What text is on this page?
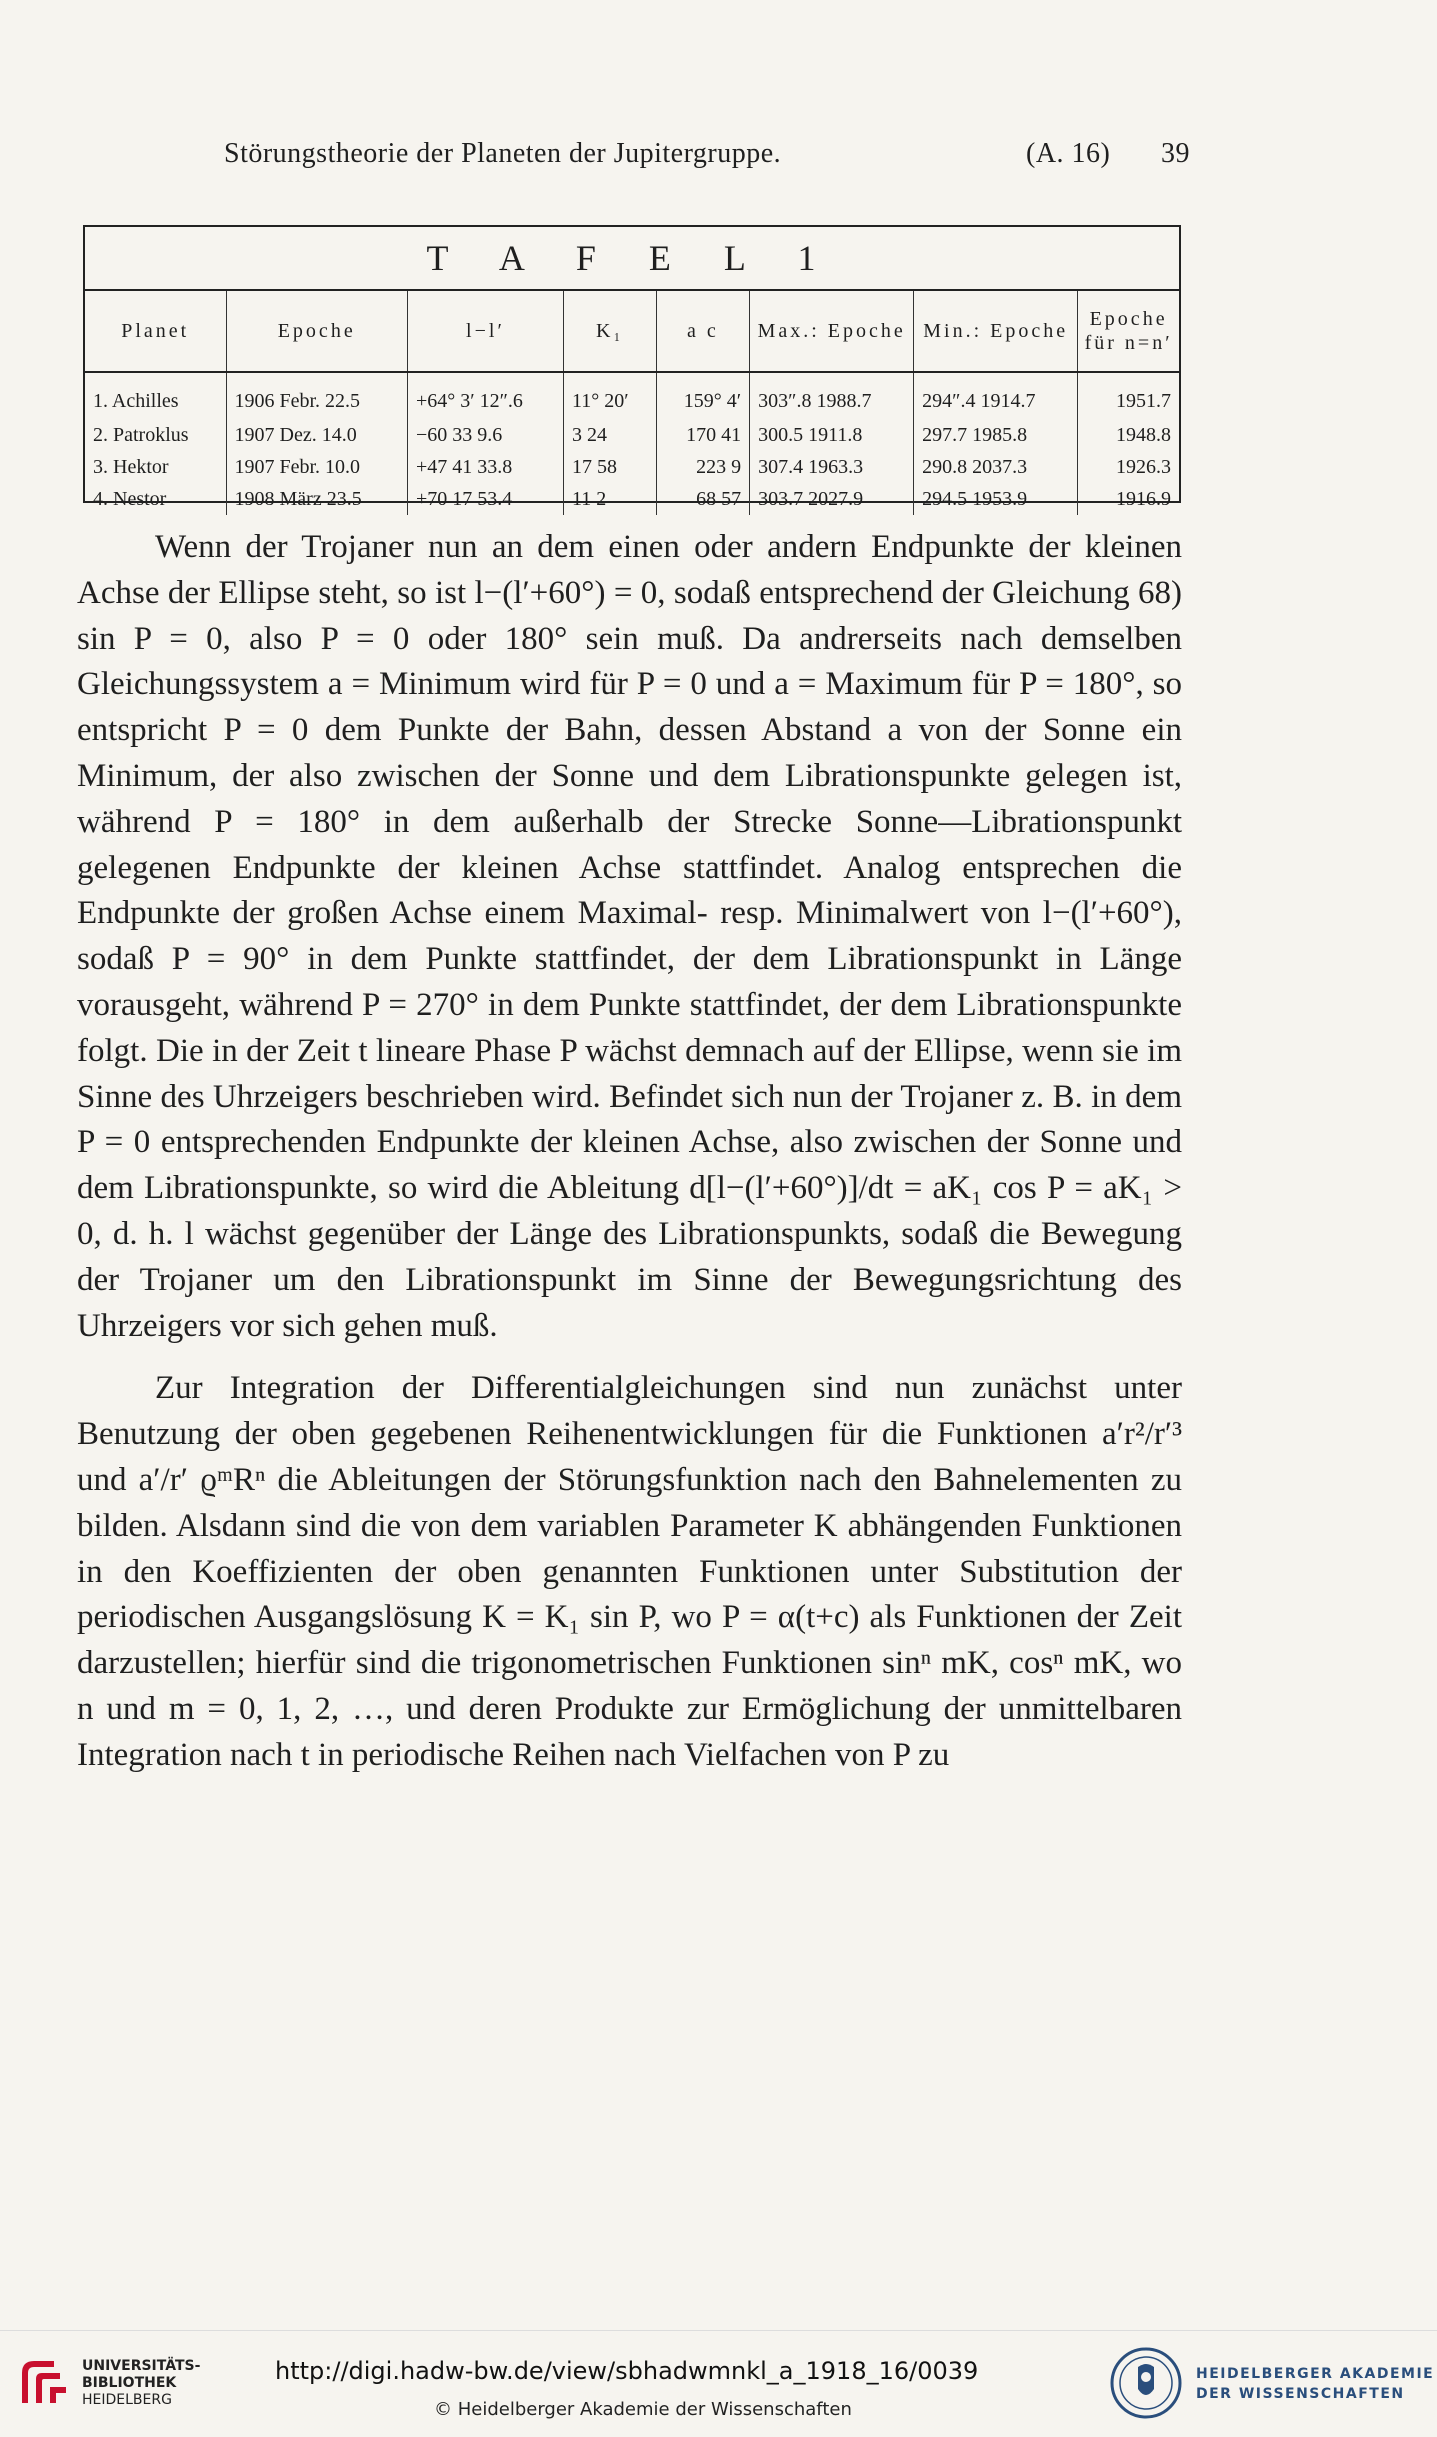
Störungstheorie der Planeten der Jupitergruppe.	(A. 16) 39
T A F E L 1
Planet	Epoche	l−l′	K₁	a c	Max.: Epoche	Min.: Epoche	Epoche für n=n′
1. Achilles	1906 Febr. 22.5	+64° 3′ 12″.6	11° 20′	159° 4′	303″.8 1988.7	294″.4 1914.7	1951.7
2. Patroklus	1907 Dez. 14.0	−60 33 9.6	3 24	170 41	300.5 1911.8	297.7 1985.8	1948.8
3. Hektor	1907 Febr. 10.0	+47 41 33.8	17 58	223 9	307.4 1963.3	290.8 2037.3	1926.3
4. Nestor	1908 März 23.5	+70 17 53.4	11 2	68 57	303.7 2027.9	294.5 1953.9	1916.9

Wenn der Trojaner nun an dem einen oder andern Endpunkte der kleinen Achse der Ellipse steht, so ist l−(l′+60°) = 0, sodaß entsprechend der Gleichung 68) sin P = 0, also P = 0 oder 180° sein muß. Da andrerseits nach demselben Gleichungssystem a = Minimum wird für P = 0 und a = Maximum für P = 180°, so entspricht P = 0 dem Punkte der Bahn, dessen Abstand a von der Sonne ein Minimum, der also zwischen der Sonne und dem Librationspunkte gelegen ist, während P = 180° in dem außerhalb der Strecke Sonne—Librationspunkt gelegenen Endpunkte der kleinen Achse stattfindet. Analog entsprechen die Endpunkte der großen Achse einem Maximal- resp. Minimalwert von l−(l′+60°), sodaß P = 90° in dem Punkte stattfindet, der dem Librationspunkt in Länge vorausgeht, während P = 270° in dem Punkte stattfindet, der dem Librationspunkte folgt. Die in der Zeit t lineare Phase P wächst demnach auf der Ellipse, wenn sie im Sinne des Uhrzeigers beschrieben wird. Befindet sich nun der Trojaner z. B. in dem P = 0 entsprechenden Endpunkte der kleinen Achse, also zwischen der Sonne und dem Librationspunkte, so wird die Ableitung d[l−(l′+60°)]/dt = aK₁ cos P = aK₁ > 0, d. h. l wächst gegenüber der Länge des Librationspunkts, sodaß die Bewegung der Trojaner um den Librationspunkt im Sinne der Bewegungsrichtung des Uhrzeigers vor sich gehen muß.

Zur Integration der Differentialgleichungen sind nun zunächst unter Benutzung der oben gegebenen Reihenentwicklungen für die Funktionen a′r²/r′³ und a′/r′ ϱᵐRⁿ die Ableitungen der Störungsfunktion nach den Bahnelementen zu bilden. Alsdann sind die von dem variablen Parameter K abhängenden Funktionen in den Koeffizienten der oben genannten Funktionen unter Substitution der periodischen Ausgangslösung K = K₁ sin P, wo P = α(t+c) als Funktionen der Zeit darzustellen; hierfür sind die trigonometrischen Funktionen sinⁿ mK, cosⁿ mK, wo n und m = 0, 1, 2, …, und deren Produkte zur Ermöglichung der unmittelbaren Integration nach t in periodische Reihen nach Vielfachen von P zu

UNIVERSITÄTS-
BIBLIOTHEK
HEIDELBERG
http://digi.hadw-bw.de/view/sbhadwmnkl_a_1918_16/0039
© Heidelberger Akademie der Wissenschaften
HEIDELBERGER AKADEMIE
DER WISSENSCHAFTEN
